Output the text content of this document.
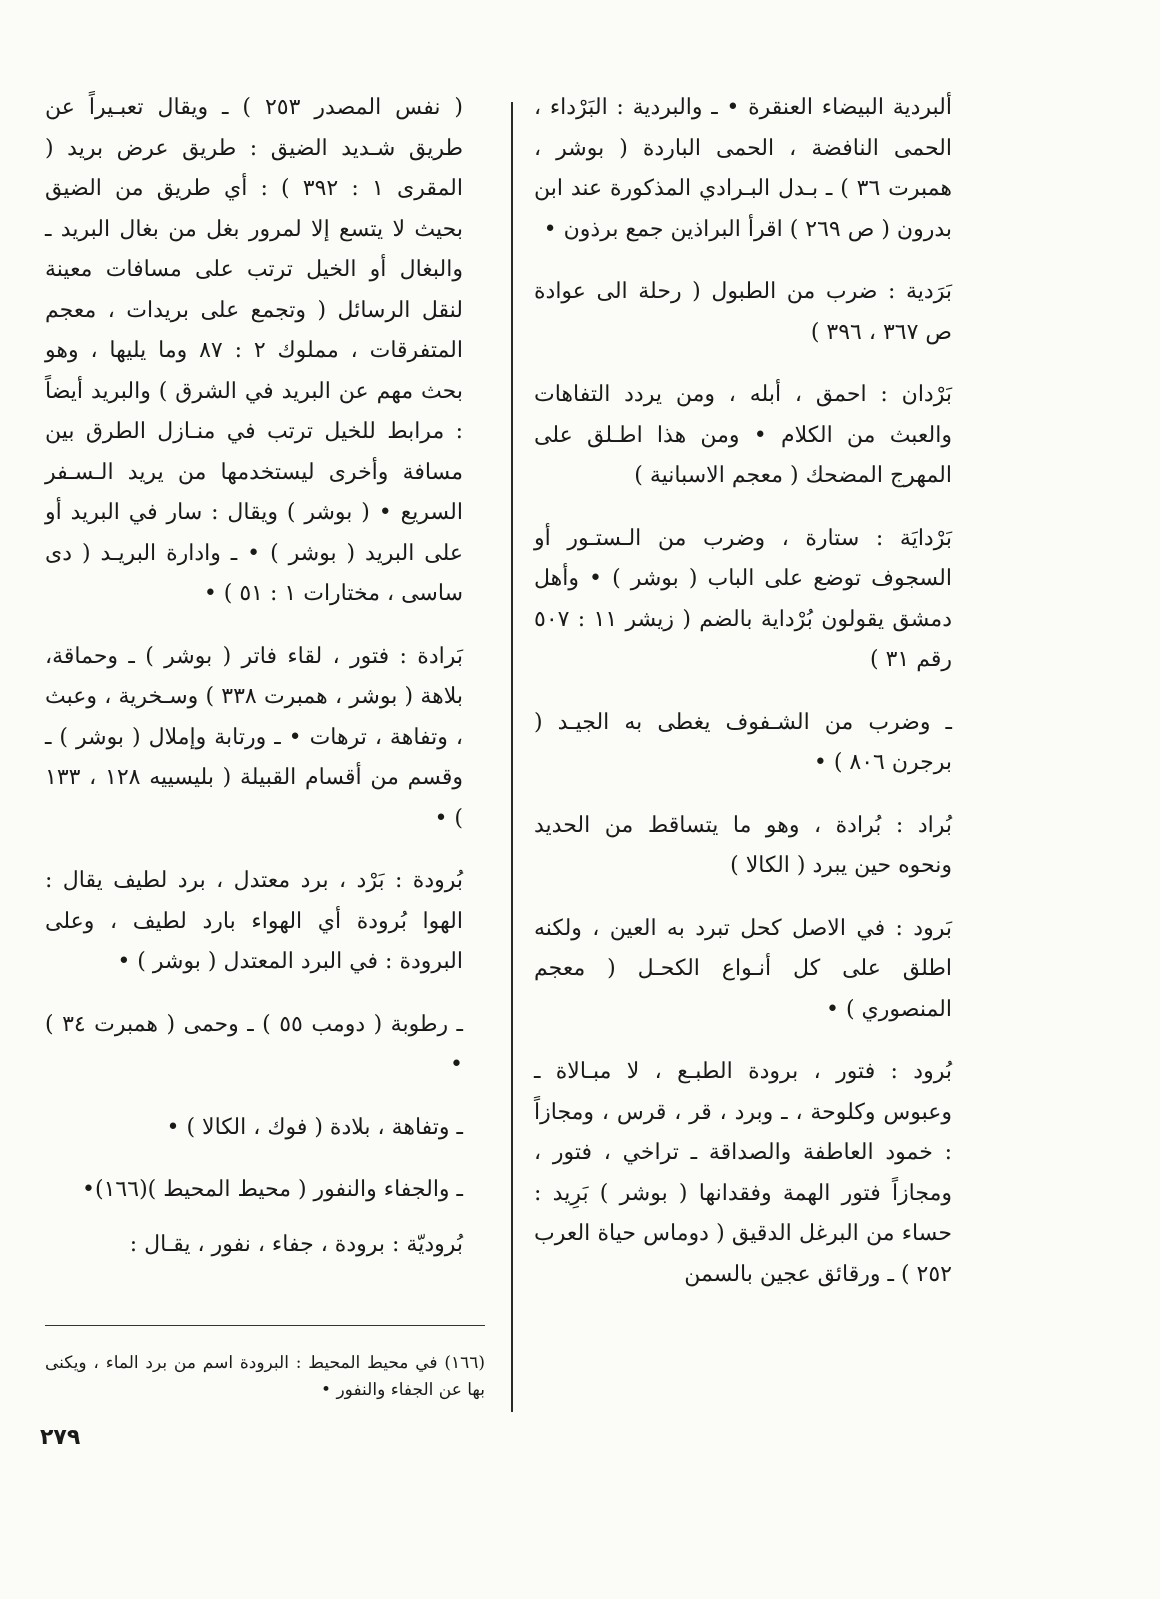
ألبردية البيضاء العنقرة • ـ والبردية : البَرْداء ، الحمى النافضة ، الحمى الباردة ( بوشر ، همبرت ٣٦ ) ـ بـدل البـرادي المذكورة عند ابن بدرون ( ص ٢٦٩ ) اقرأ البراذين جمع برذون •

بَرَدية : ضرب من الطبول ( رحلة الى عوادة ص ٣٦٧ ، ٣٩٦ )

بَرْدان : احمق ، أبله ، ومن يردد التفاهات والعبث من الكلام • ومن هذا اطـلق على المهرج المضحك ( معجم الاسبانية )

بَرْدايَة : ستارة ، وضرب من الـستـور أو السجوف توضع على الباب ( بوشر ) • وأهل دمشق يقولون بُرْداية بالضم ( زيشر ١١ : ٥٠٧ رقم ٣١ )

ـ وضرب من الشـفوف يغطى به الجيـد ( برجرن ٨٠٦ ) •

بُراد : بُرادة ، وهو ما يتساقط من الحديد ونحوه حين يبرد ( الكالا )

بَرود : في الاصل كحل تبرد به العين ، ولكنه اطلق على كل أنـواع الكحـل ( معجم المنصوري ) •

بُرود : فتور ، برودة الطبـع ، لا مبـالاة ـ وعبوس وكلوحة ، ـ وبرد ، قر ، قرس ، ومجازاً : خمود العاطفة والصداقة ـ تراخي ، فتور ، ومجازاً فتور الهمة وفقدانها ( بوشر ) بَرِيد : حساء من البرغل الدقيق ( دوماس حياة العرب ٢٥٢ ) ـ ورقائق عجين بالسمن

( نفس المصدر ٢٥٣ ) ـ ويقال تعبـيراً عن طريق شـديد الضيق : طريق عرض بريد ( المقرى ١ : ٣٩٢ ) : أي طريق من الضيق بحيث لا يتسع إلا لمرور بغل من بغال البريد ـ والبغال أو الخيل ترتب على مسافات معينة لنقل الرسائل ( وتجمع على بريدات ، معجم المتفرقات ، مملوك ٢ : ٨٧ وما يليها ، وهو بحث مهم عن البريد في الشرق ) والبريد أيضاً : مرابط للخيل ترتب في منـازل الطرق بين مسافة وأخرى ليستخدمها من يريد الـسـفر السريع • ( بوشر ) ويقال : سار في البريد أو على البريد ( بوشر ) • ـ وادارة البريـد ( دى ساسى ، مختارات ١ : ٥١ ) •

بَرادة : فتور ، لقاء فاتر ( بوشر ) ـ وحماقة، بلاهة ( بوشر ، همبرت ٣٣٨ ) وسـخرية ، وعبث ، وتفاهة ، ترهات • ـ ورتابة وإملال ( بوشر ) ـ وقسم من أقسام القبيلة ( بليسييه ١٢٨ ، ١٣٣ ) •

بُرودة : بَرْد ، برد معتدل ، برد لطيف يقال : الهوا بُرودة أي الهواء بارد لطيف ، وعلى البرودة : في البرد المعتدل ( بوشر ) •

ـ رطوبة ( دومب ٥٥ ) ـ وحمى ( همبرت ٣٤ ) •

ـ وتفاهة ، بلادة ( فوك ، الكالا ) •

ـ والجفاء والنفور ( محيط المحيط )(١٦٦)•

بُروديّة : برودة ، جفاء ، نفور ، يقـال :

(١٦٦) في محيط المحيط : البرودة اسم من برد الماء ، ويكنى بها عن الجفاء والنفور •

٢٧٩
